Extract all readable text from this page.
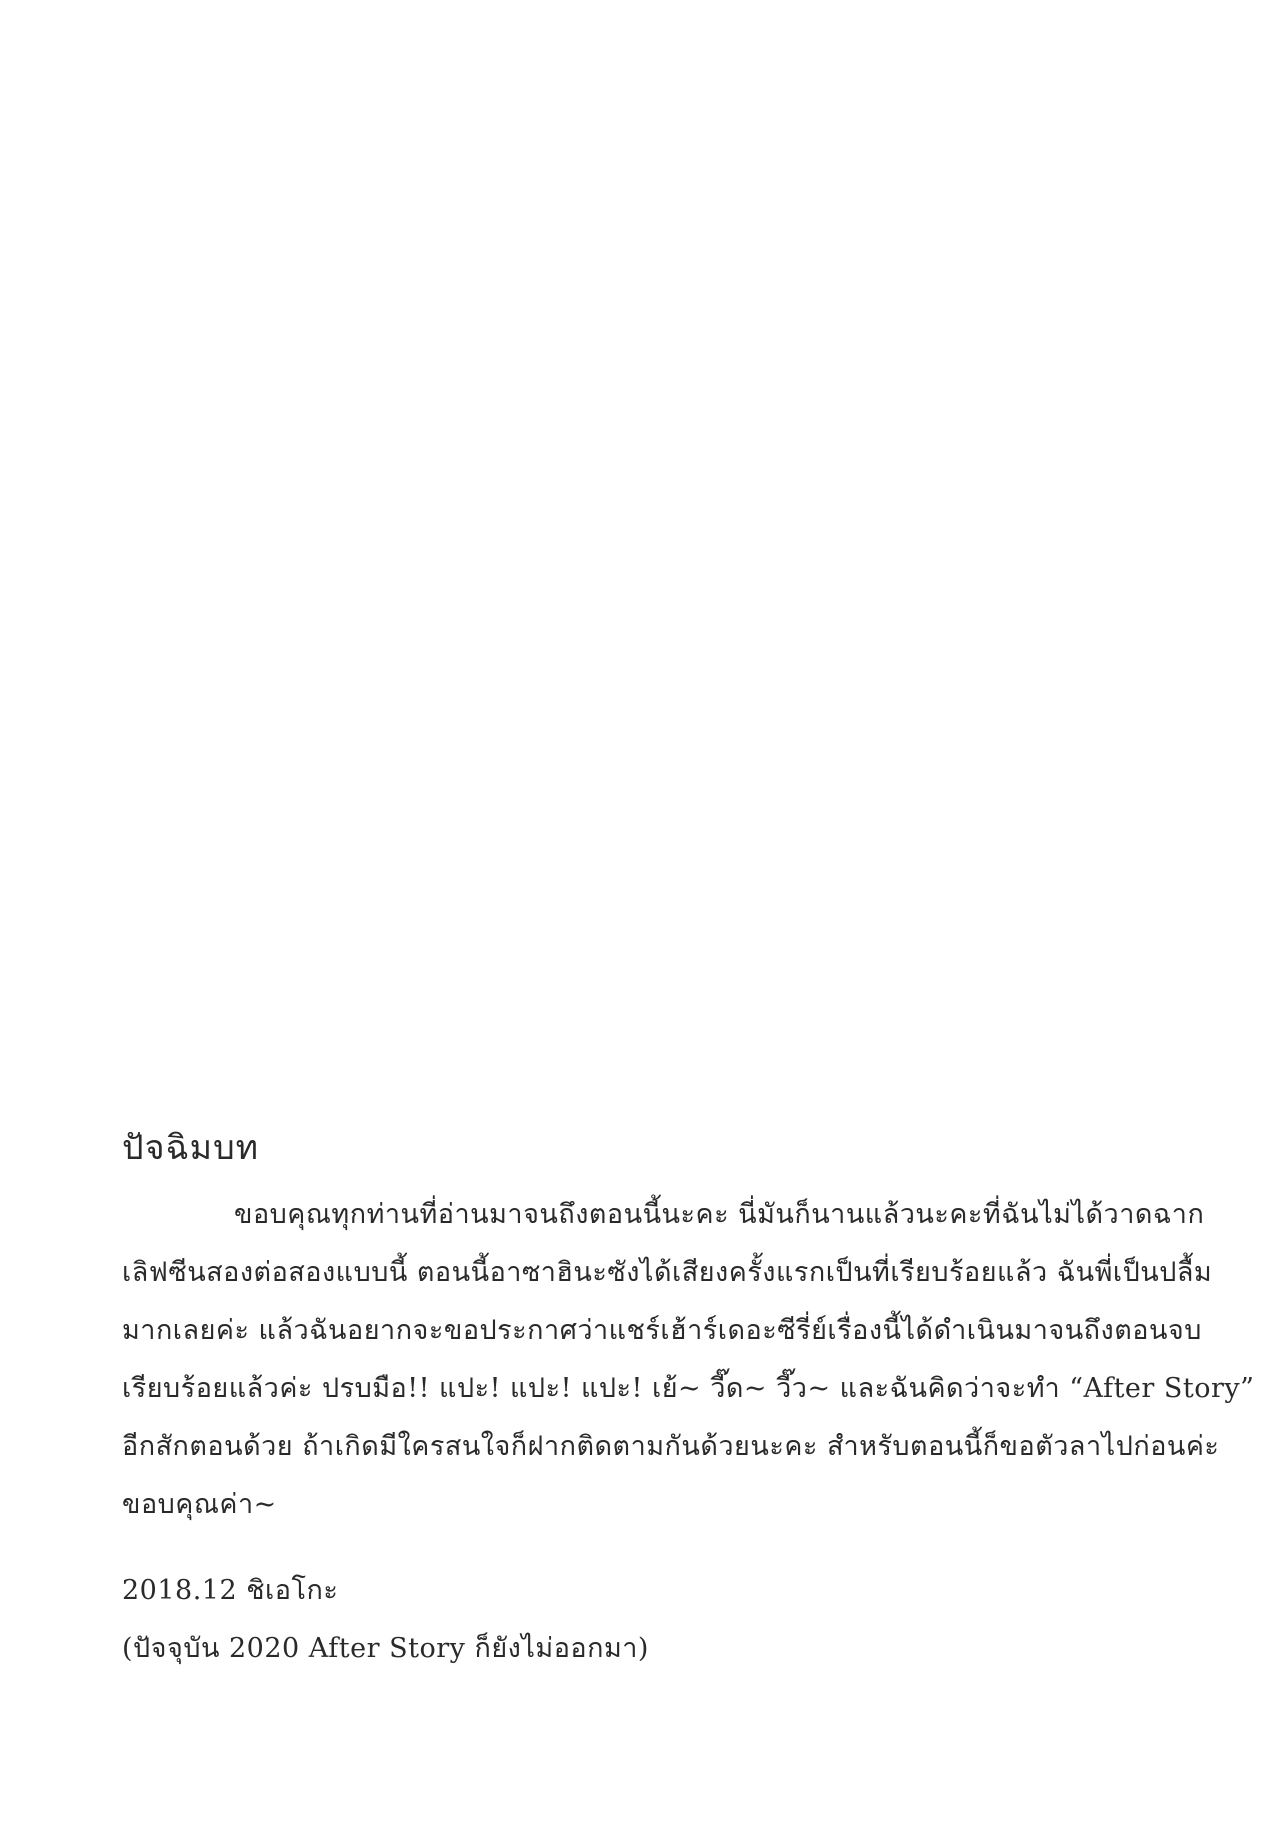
ปัจฉิมบท
ขอบคุณทุกท่านที่อ่านมาจนถึงตอนนี้นะคะ นี่มันก็นานแล้วนะคะที่ฉันไม่ได้วาดฉาก
เลิฟซีนสองต่อสองแบบนี้ ตอนนี้อาซาฮินะซังได้เสียงครั้งแรกเป็นที่เรียบร้อยแล้ว ฉันพี่เป็นปลื้ม
มากเลยค่ะ แล้วฉันอยากจะขอประกาศว่าแชร์เฮ้าร์เดอะซีรี่ย์เรื่องนี้ได้ดำเนินมาจนถึงตอนจบ
เรียบร้อยแล้วค่ะ ปรบมือ!! แปะ! แปะ! แปะ! เย้~ วี๊ด~ วี๊ว~ และฉันคิดว่าจะทำ “After Story”
อีกสักตอนด้วย ถ้าเกิดมีใครสนใจก็ฝากติดตามกันด้วยนะคะ สำหรับตอนนี้ก็ขอตัวลาไปก่อนค่ะ
ขอบคุณค่า~
2018.12 ชิเอโกะ
(ปัจจุบัน 2020 After Story ก็ยังไม่ออกมา)
